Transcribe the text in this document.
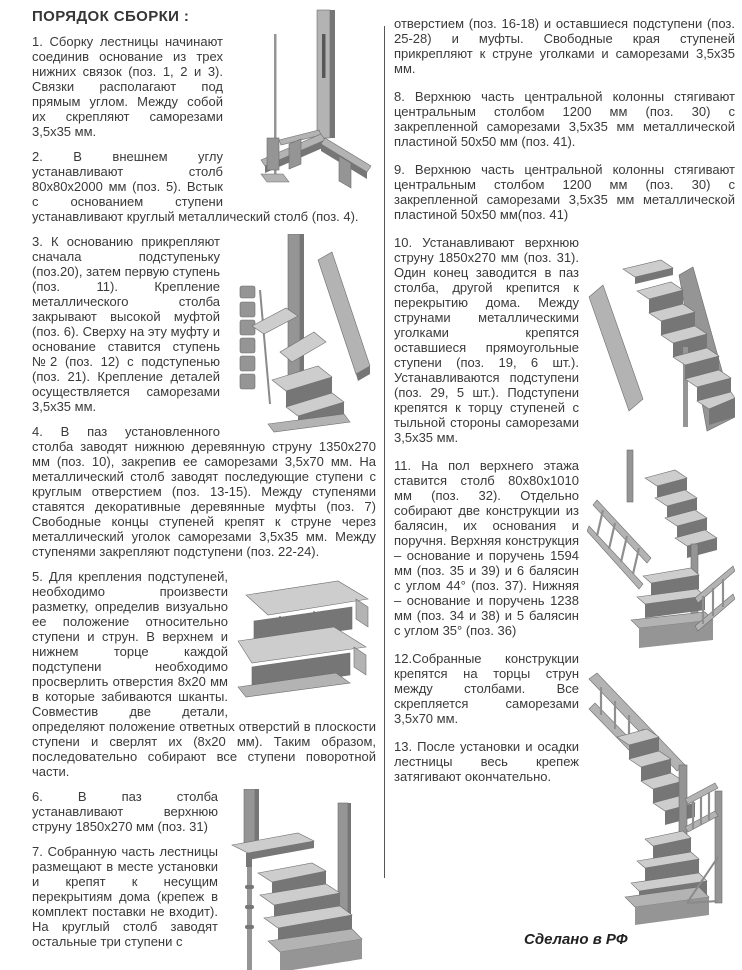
ПОРЯДОК СБОРКИ :

1. Сборку лестницы начинают соединив основание из трех нижних связок (поз. 1, 2 и 3). Связки располагают под прямым углом. Между собой их скрепляют саморезами 3,5х35 мм.

2. В внешнем углу устанавливают столб 80х80х2000 мм (поз. 5). Встык с основанием ступени устанавливают круглый металлический столб (поз. 4).

3. К основанию прикрепляют сначала подступеньку (поз.20), затем первую ступень (поз. 11). Крепление металлического столба закрывают высокой муфтой (поз. 6). Сверху на эту муфту и основание ставится ступень №2 (поз. 12) с подступенью (поз. 21). Крепление деталей осуществляется саморезами 3,5х35 мм.

4. В паз установленного столба заводят нижнюю деревянную струну 1350х270 мм (поз. 10), закрепив ее саморезами 3,5х70 мм. На металлический столб заводят последующие ступени с круглым отверстием (поз. 13-15). Между ступенями ставятся декоративные деревянные муфты (поз. 7) Свободные концы ступеней крепят к струне через металлический уголок саморезами 3,5х35 мм. Между ступенями закрепляют подступени (поз. 22-24).

5. Для крепления подступеней, необходимо произвести разметку, определив визуально ее положение относительно ступени и струн. В верхнем и нижнем торце каждой подступени необходимо просверлить отверстия 8х20 мм в которые забиваются шканты. Совместив две детали, определяют положение ответных отверстий в плоскости ступени и сверлят их (8х20 мм). Таким образом, последовательно собирают все ступени поворотной части.

6. В паз столба устанавливают верхнюю струну 1850х270 мм (поз. 31)

7. Собранную часть лестницы размещают в месте установки и крепят к несущим перекрытиям дома (крепеж в комплект поставки не входит). На круглый столб заводят остальные три ступени с

отверстием (поз. 16-18) и оставшиеся подступени (поз. 25-28) и муфты. Свободные края ступеней прикрепляют к струне уголками и саморезами 3,5х35 мм.

8. Верхнюю часть центральной колонны стягивают центральным столбом 1200 мм (поз. 30) с закрепленной саморезами 3,5х35 мм металлической пластиной 50х50 мм (поз. 41).

9. Верхнюю часть центральной колонны стягивают центральным столбом 1200 мм (поз. 30) с закрепленной саморезами 3,5х35 мм металлической пластиной 50х50 мм(поз. 41)

10. Устанавливают верхнюю струну 1850х270 мм (поз. 31). Один конец заводится в паз столба, другой крепится к перекрытию дома. Между струнами металлическими уголками крепятся оставшиеся прямоугольные ступени (поз. 19, 6 шт.). Устанавливаются подступени (поз. 29, 5 шт.). Подступени крепятся к торцу ступеней с тыльной стороны саморезами 3,5х35 мм.

11. На пол верхнего этажа ставится столб 80х80х1010 мм (поз. 32). Отдельно собирают две конструкции из балясин, их основания и поручня. Верхняя конструкция – основание и поручень 1594 мм (поз. 35 и 39) и 6 балясин с углом 44° (поз. 37). Нижняя – основание и поручень 1238 мм (поз. 34 и 38) и 5 балясин с углом 35° (поз. 36)

12.Собранные конструкции крепятся на торцы струн между столбами. Все скрепляется саморезами 3,5х70 мм.

13. После установки и осадки лестницы весь крепеж затягивают окончательно.

Сделано в РФ
